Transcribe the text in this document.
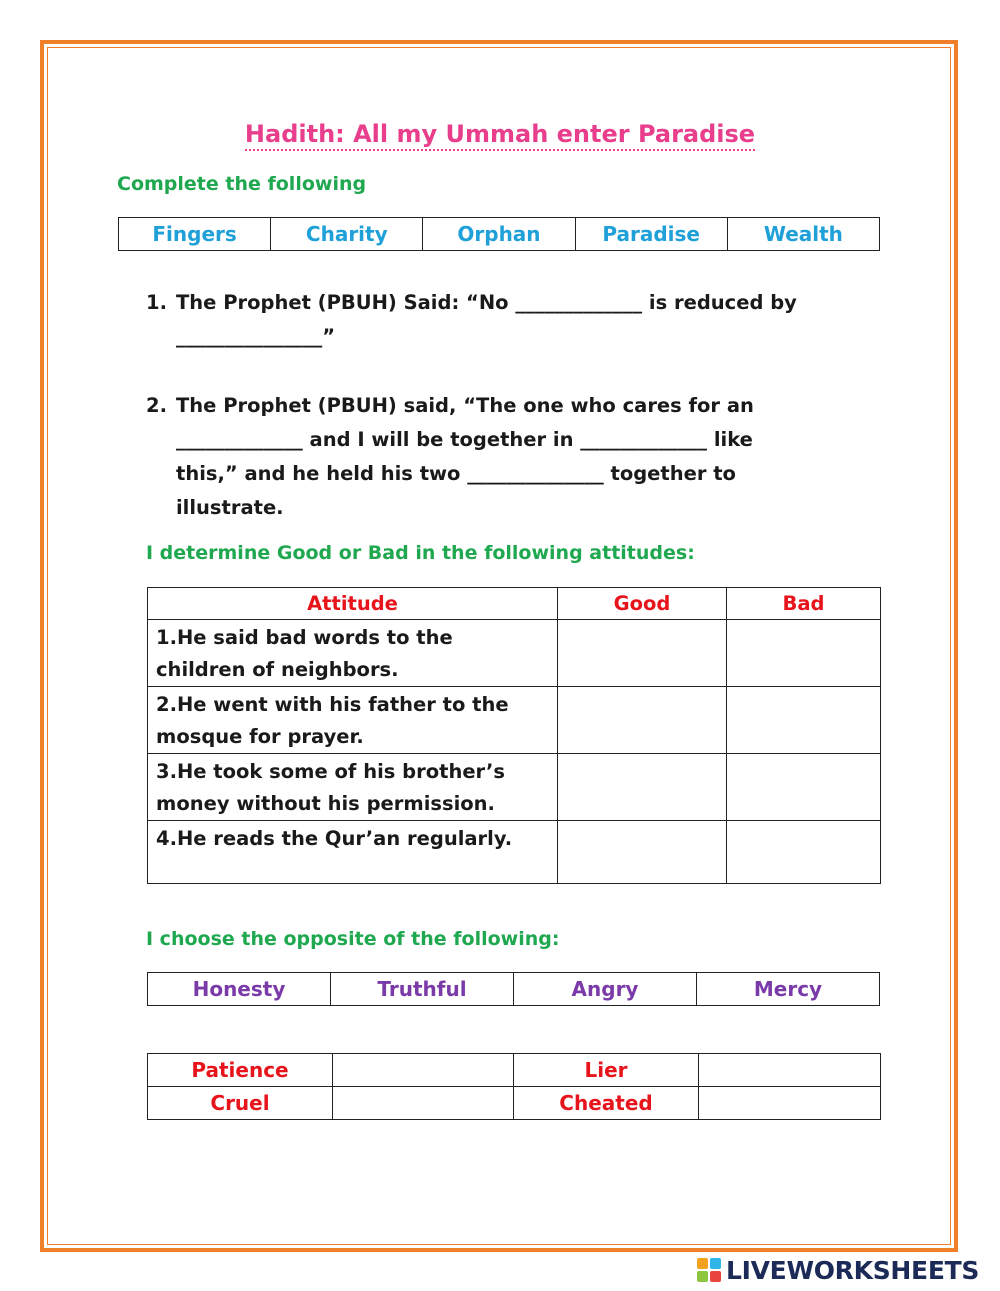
Hadith: All my Ummah enter Paradise
Complete the following
Fingers	Charity	Orphan	Paradise	Wealth
1. The Prophet (PBUH) Said: “No _____________ is reduced by
_______________”
2. The Prophet (PBUH) said, “The one who cares for an
_____________ and I will be together in _____________ like
this,” and he held his two ______________ together to
illustrate.
I determine Good or Bad in the following attitudes:
Attitude	Good	Bad

1.He said bad words to the
children of neighbors.		

2.He went with his father to the
mosque for prayer.		

3.He took some of his brother’s
money without his permission.		

4.He reads the Qur’an regularly.		

I choose the opposite of the following:
Honesty	Truthful	Angry	Mercy
Patience		Lier	
Cruel		Cheated	
LIVEWORKSHEETS
